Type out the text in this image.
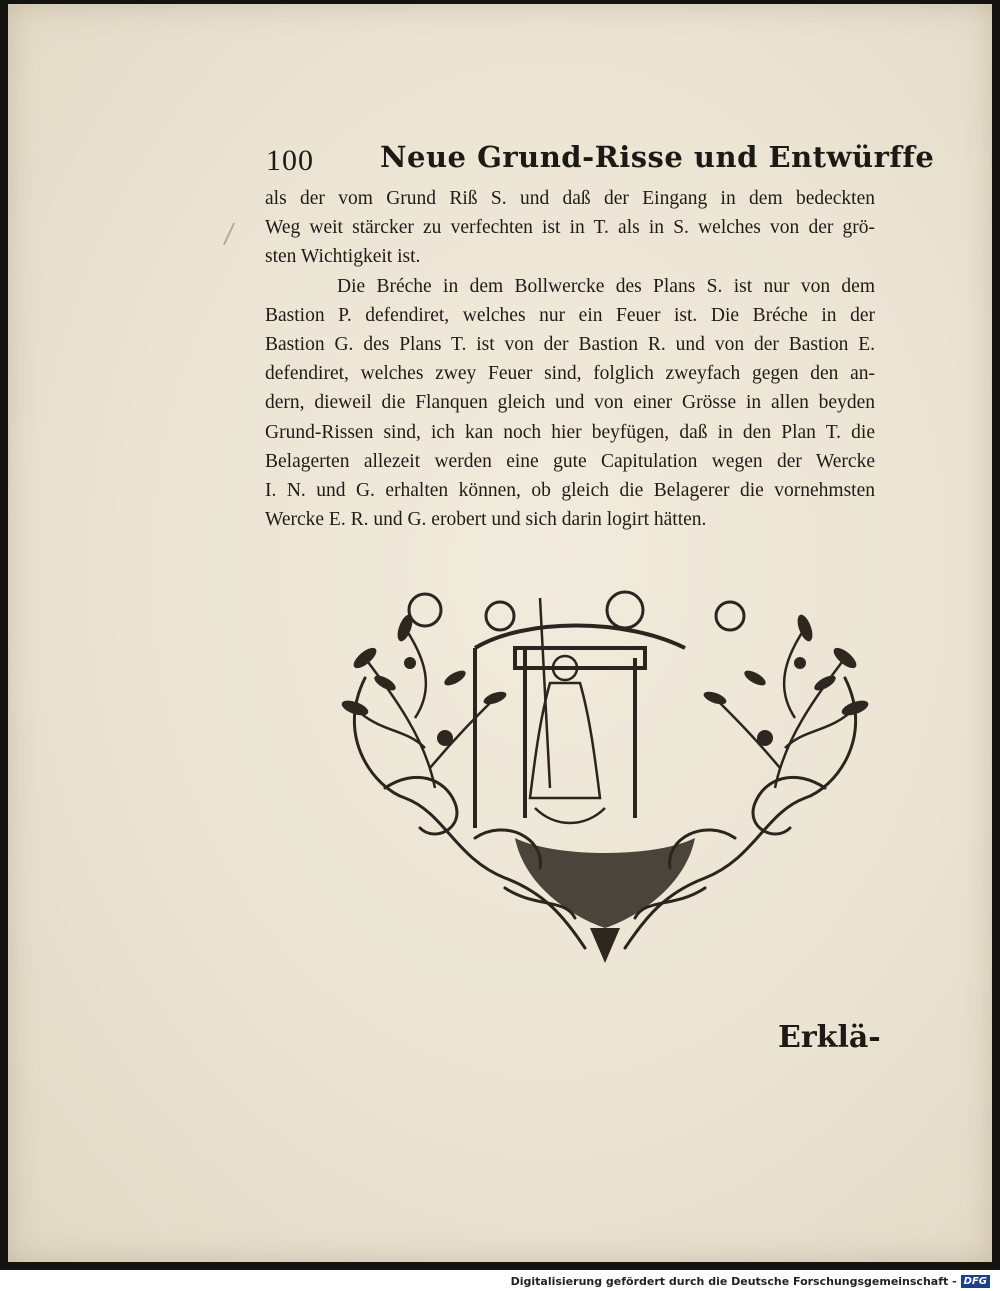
100 Neue Grund-Risse und Entwürffe
als der vom Grund Riß S. und daß der Eingang in dem bedeckten
Weg weit stärcker zu verfechten ist in T. als in S. welches von der grö-
sten Wichtigkeit ist.
Die Bréche in dem Bollwercke des Plans S. ist nur von dem
Bastion P. defendiret, welches nur ein Feuer ist. Die Bréche in der
Bastion G. des Plans T. ist von der Bastion R. und von der Bastion E.
defendiret, welches zwey Feuer sind, folglich zweyfach gegen den an-
dern, dieweil die Flanquen gleich und von einer Grösse in allen beyden
Grund-Rissen sind, ich kan noch hier beyfügen, daß in den Plan T. die
Belagerten allezeit werden eine gute Capitulation wegen der Wercke
I. N. und G. erhalten können, ob gleich die Belagerer die vornehmsten
Wercke E. R. und G. erobert und sich darin logirt hätten.
Erklä-
Digitalisierung gefördert durch die Deutsche Forschungsgemeinschaft - DFG
